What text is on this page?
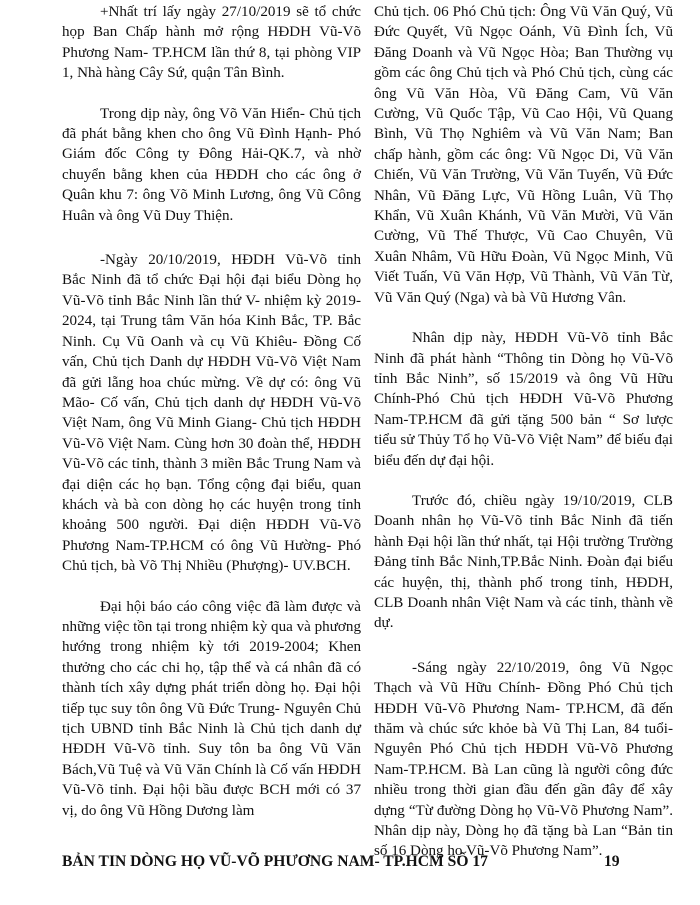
+Nhất trí lấy ngày 27/10/2019 sẽ tổ chức họp Ban Chấp hành mở rộng HĐDH Vũ-Võ Phương Nam- TP.HCM lần thứ 8, tại phòng VIP 1, Nhà hàng Cây Sứ, quận Tân Bình.

Trong dịp này, ông Võ Văn Hiển- Chủ tịch đã phát bằng khen cho ông Vũ Đình Hạnh- Phó Giám đốc Công ty Đông Hải-QK.7, và nhờ chuyển bằng khen của HĐDH cho các ông ở Quân khu 7: ông Võ Minh Lương, ông Vũ Công Huân và ông Vũ Duy Thiện.

-Ngày 20/10/2019, HĐDH Vũ-Võ tỉnh Bắc Ninh đã tổ chức Đại hội đại biểu Dòng họ Vũ-Võ tỉnh Bắc Ninh lần thứ V- nhiệm kỳ 2019- 2024, tại Trung tâm Văn hóa Kinh Bắc, TP. Bắc Ninh. Cụ Vũ Oanh và cụ Vũ Khiêu- Đồng Cố vấn, Chủ tịch Danh dự HĐDH Vũ-Võ Việt Nam đã gửi lẵng hoa chúc mừng. Về dự có: ông Vũ Mão- Cố vấn, Chủ tịch danh dự HĐDH Vũ-Võ Việt Nam, ông Vũ Minh Giang- Chủ tịch HĐDH Vũ-Võ Việt Nam. Cùng hơn 30 đoàn thể, HĐDH Vũ-Võ các tỉnh, thành 3 miền Bắc Trung Nam và đại diện các họ bạn. Tổng cộng đại biểu, quan khách và bà con dòng họ các huyện trong tỉnh khoảng 500 người. Đại diện HĐDH Vũ-Võ Phương Nam-TP.HCM có ông Vũ Hường- Phó Chủ tịch, bà Võ Thị Nhiều (Phượng)- UV.BCH.

Đại hội báo cáo công việc đã làm được và những việc tồn tại trong nhiệm kỳ qua và phương hướng trong nhiệm kỳ tới 2019-2004; Khen thưởng cho các chi họ, tập thể và cá nhân đã có thành tích xây dựng phát triển dòng họ. Đại hội tiếp tục suy tôn ông Vũ Đức Trung- Nguyên Chủ tịch UBND tỉnh Bắc Ninh là Chủ tịch danh dự HĐDH Vũ-Võ tỉnh. Suy tôn ba ông Vũ Văn Bách,Vũ Tuệ và Vũ Văn Chính là Cố vấn HĐDH Vũ-Võ tỉnh. Đại hội bầu được BCH mới có 37 vị, do ông Vũ Hồng Dương làm

Chủ tịch. 06 Phó Chủ tịch: Ông Vũ Văn Quý, Vũ Đức Quyết, Vũ Ngọc Oánh, Vũ Đình Ích, Vũ Đăng Doanh và Vũ Ngọc Hòa; Ban Thường vụ gồm các ông Chủ tịch và Phó Chủ tịch, cùng các ông Vũ Văn Hòa, Vũ Đăng Cam, Vũ Văn Cường, Vũ Quốc Tập, Vũ Cao Hội, Vũ Quang Bình, Vũ Thọ Nghiêm và Vũ Văn Nam; Ban chấp hành, gồm các ông: Vũ Ngọc Di, Vũ Văn Chiến, Vũ Văn Trường, Vũ Văn Tuyến, Vũ Đức Nhân, Vũ Đăng Lực, Vũ Hồng Luân, Vũ Thọ Khẩn, Vũ Xuân Khánh, Vũ Văn Mười, Vũ Văn Cường, Vũ Thế Thược, Vũ Cao Chuyên, Vũ Xuân Nhâm, Vũ Hữu Đoàn, Vũ Ngọc Minh, Vũ Viết Tuấn, Vũ Văn Hợp, Vũ Thành, Vũ Văn Từ, Vũ Văn Quý (Nga) và bà Vũ Hương Vân.

Nhân dịp này, HĐDH Vũ-Võ tỉnh Bắc Ninh đã phát hành “Thông tin Dòng họ Vũ-Võ tỉnh Bắc Ninh”, số 15/2019 và ông Vũ Hữu Chính-Phó Chủ tịch HĐDH Vũ-Võ Phương Nam-TP.HCM đã gửi tặng 500 bản “ Sơ lược tiểu sử Thủy Tổ họ Vũ-Võ Việt Nam” để biếu đại biểu đến dự đại hội.

Trước đó, chiều ngày 19/10/2019, CLB Doanh nhân họ Vũ-Võ tỉnh Bắc Ninh đã tiến hành Đại hội lần thứ nhất, tại Hội trường Trường Đảng tỉnh Bắc Ninh,TP.Bắc Ninh. Đoàn đại biểu các huyện, thị, thành phố trong tỉnh, HĐDH, CLB Doanh nhân Việt Nam và các tỉnh, thành về dự.

-Sáng ngày 22/10/2019, ông Vũ Ngọc Thạch và Vũ Hữu Chính- Đồng Phó Chủ tịch HĐDH Vũ-Võ Phương Nam- TP.HCM, đã đến thăm và chúc sức khỏe bà Vũ Thị Lan, 84 tuổi- Nguyên Phó Chủ tịch HĐDH Vũ-Võ Phương Nam-TP.HCM. Bà Lan cũng là người công đức nhiều trong thời gian đầu đến gần đây để xây dựng “Từ đường Dòng họ Vũ-Võ Phương Nam”. Nhân dịp này, Dòng họ đã tặng bà Lan “Bản tin số 16 Dòng họ Vũ-Võ Phương Nam”.

BẢN TIN DÒNG HỌ VŨ-VÕ PHƯƠNG NAM- TP.HCM SỐ 17	19
